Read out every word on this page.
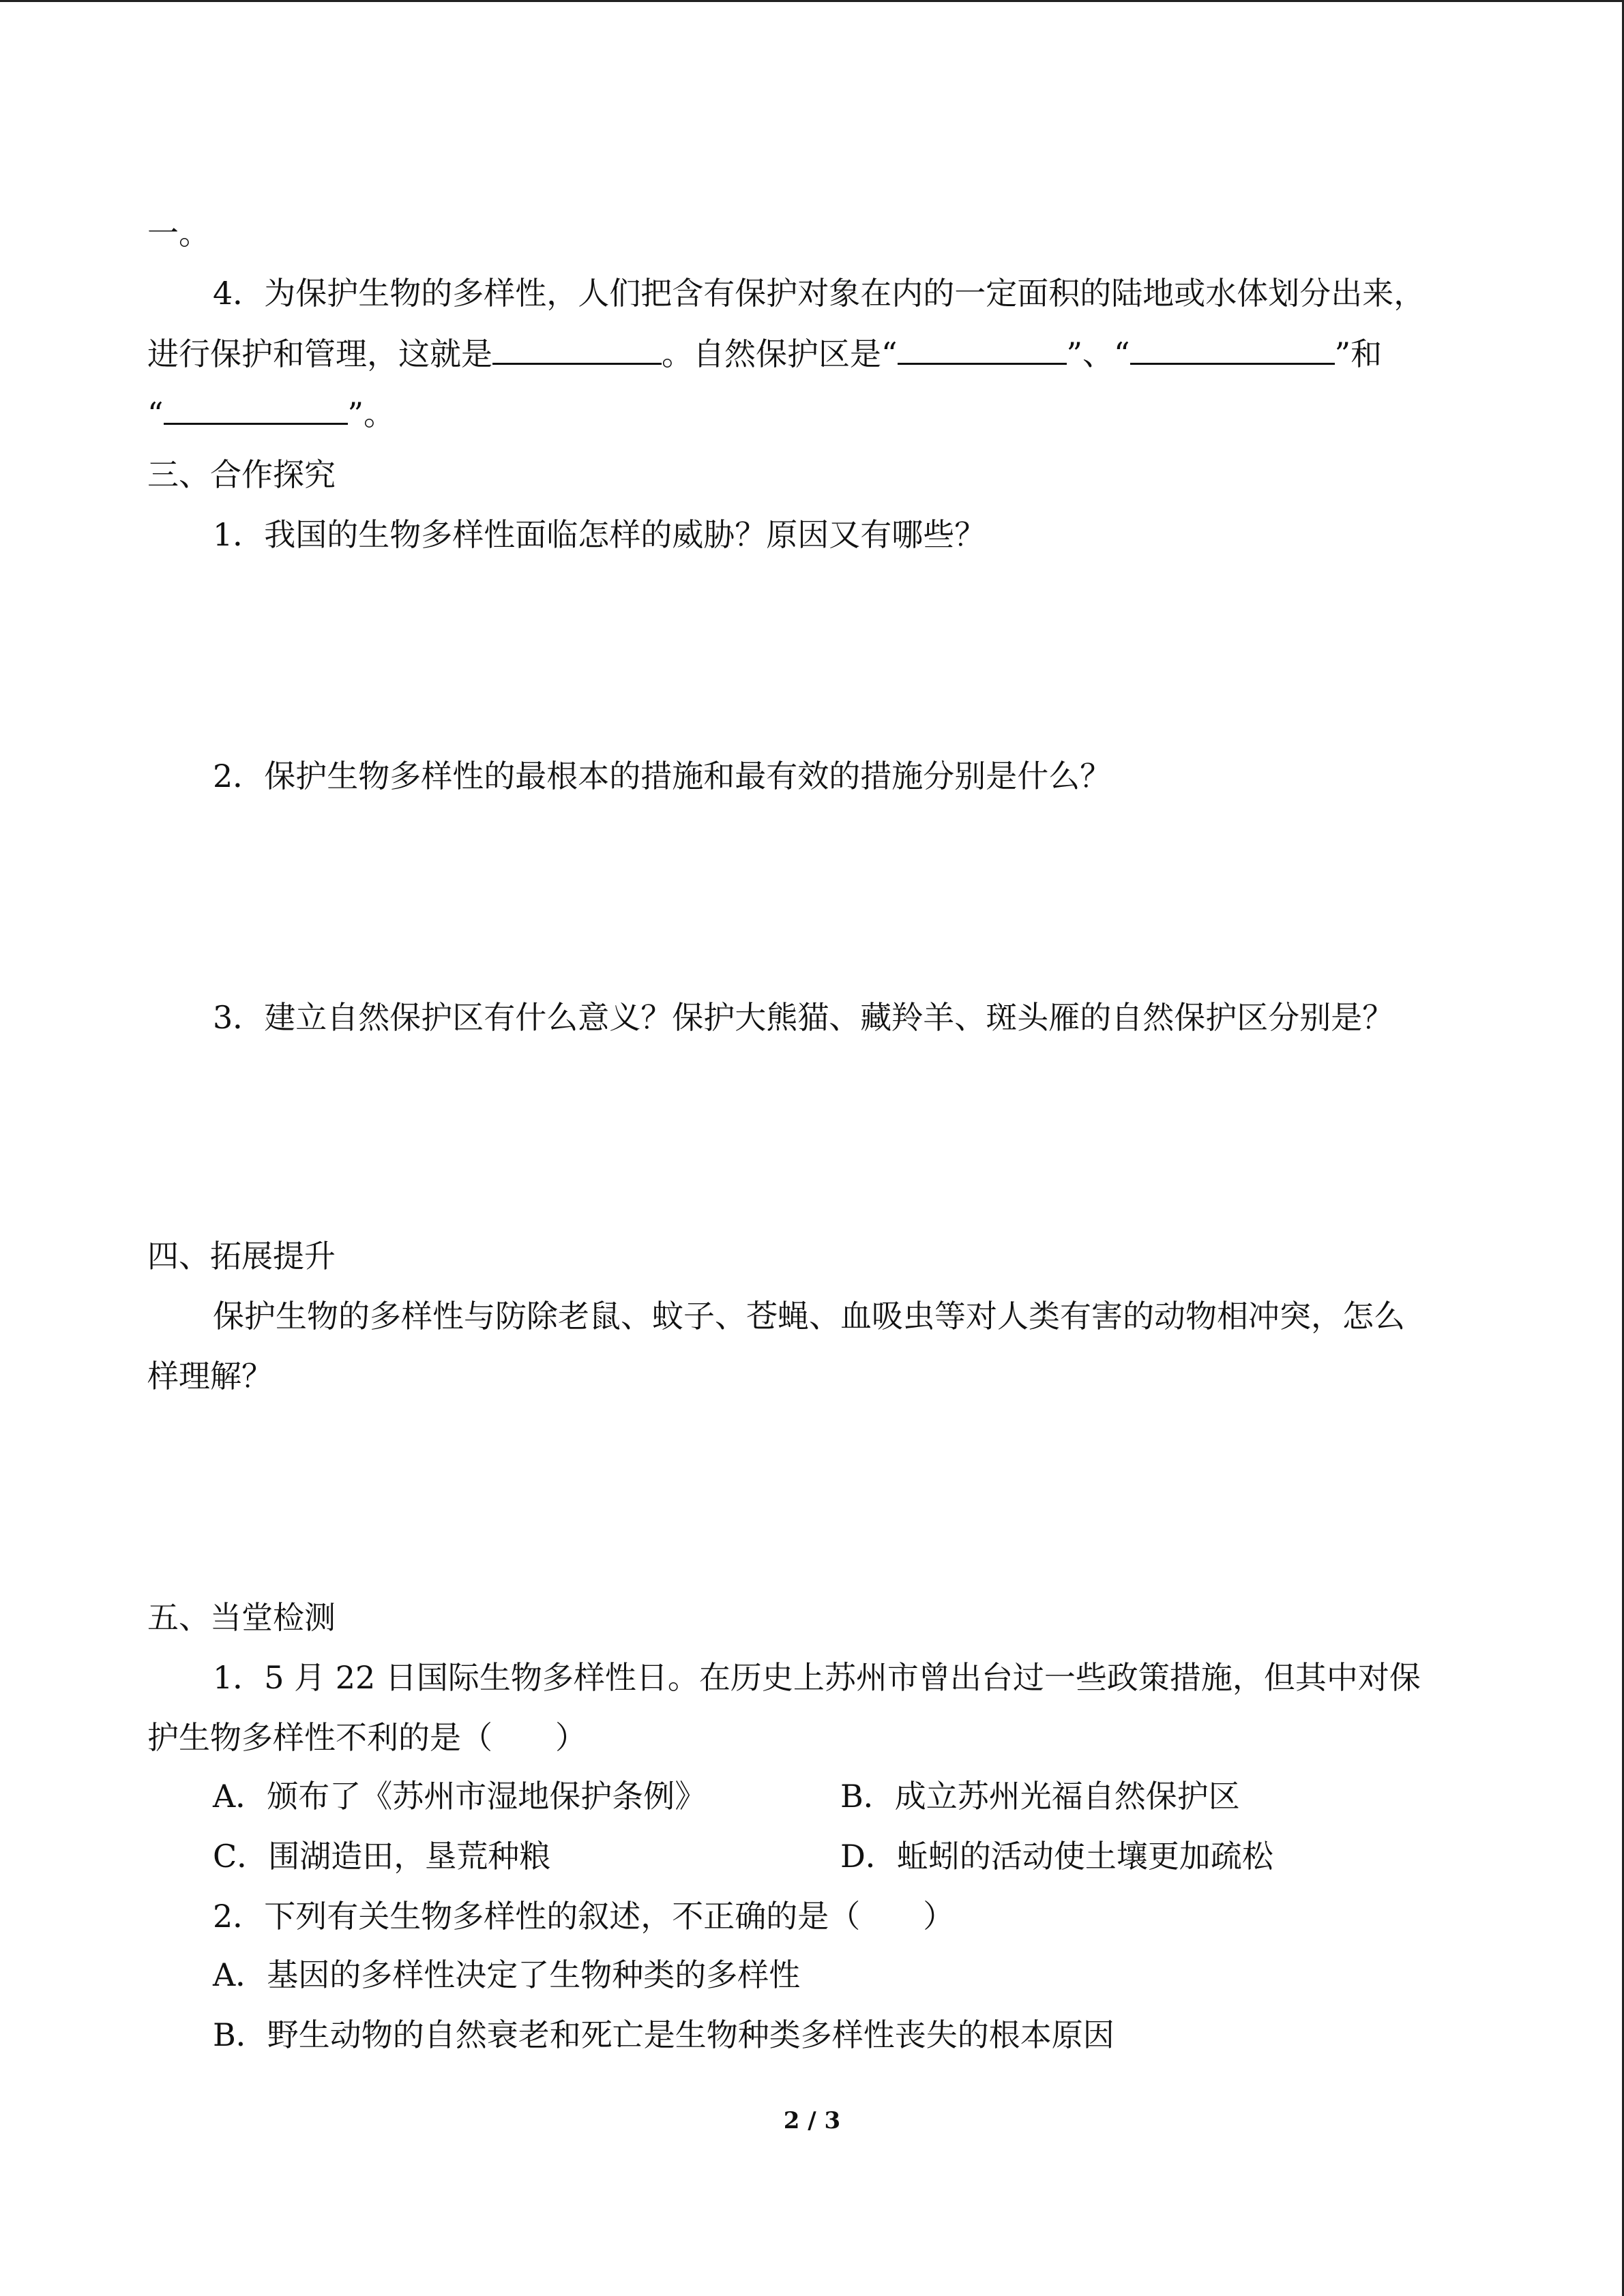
一。
4．为保护生物的多样性，人们把含有保护对象在内的一定面积的陆地或水体划分出来，
进行保护和管理，这就是	。自然保护区是“	”、“	”和
“	”。
三、合作探究
1．我国的生物多样性面临怎样的威胁？原因又有哪些？
2．保护生物多样性的最根本的措施和最有效的措施分别是什么？
3．建立自然保护区有什么意义？保护大熊猫、藏羚羊、斑头雁的自然保护区分别是？
四、拓展提升
保护生物的多样性与防除老鼠、蚊子、苍蝇、血吸虫等对人类有害的动物相冲突，怎么
样理解？
五、当堂检测
1．5 月 22 日国际生物多样性日。在历史上苏州市曾出台过一些政策措施，但其中对保
护生物多样性不利的是（　　）
A．颁布了《苏州市湿地保护条例》	B．成立苏州光福自然保护区
C．围湖造田，垦荒种粮	D．蚯蚓的活动使土壤更加疏松
2．下列有关生物多样性的叙述，不正确的是（　　）
A．基因的多样性决定了生物种类的多样性
B．野生动物的自然衰老和死亡是生物种类多样性丧失的根本原因
2 / 3
